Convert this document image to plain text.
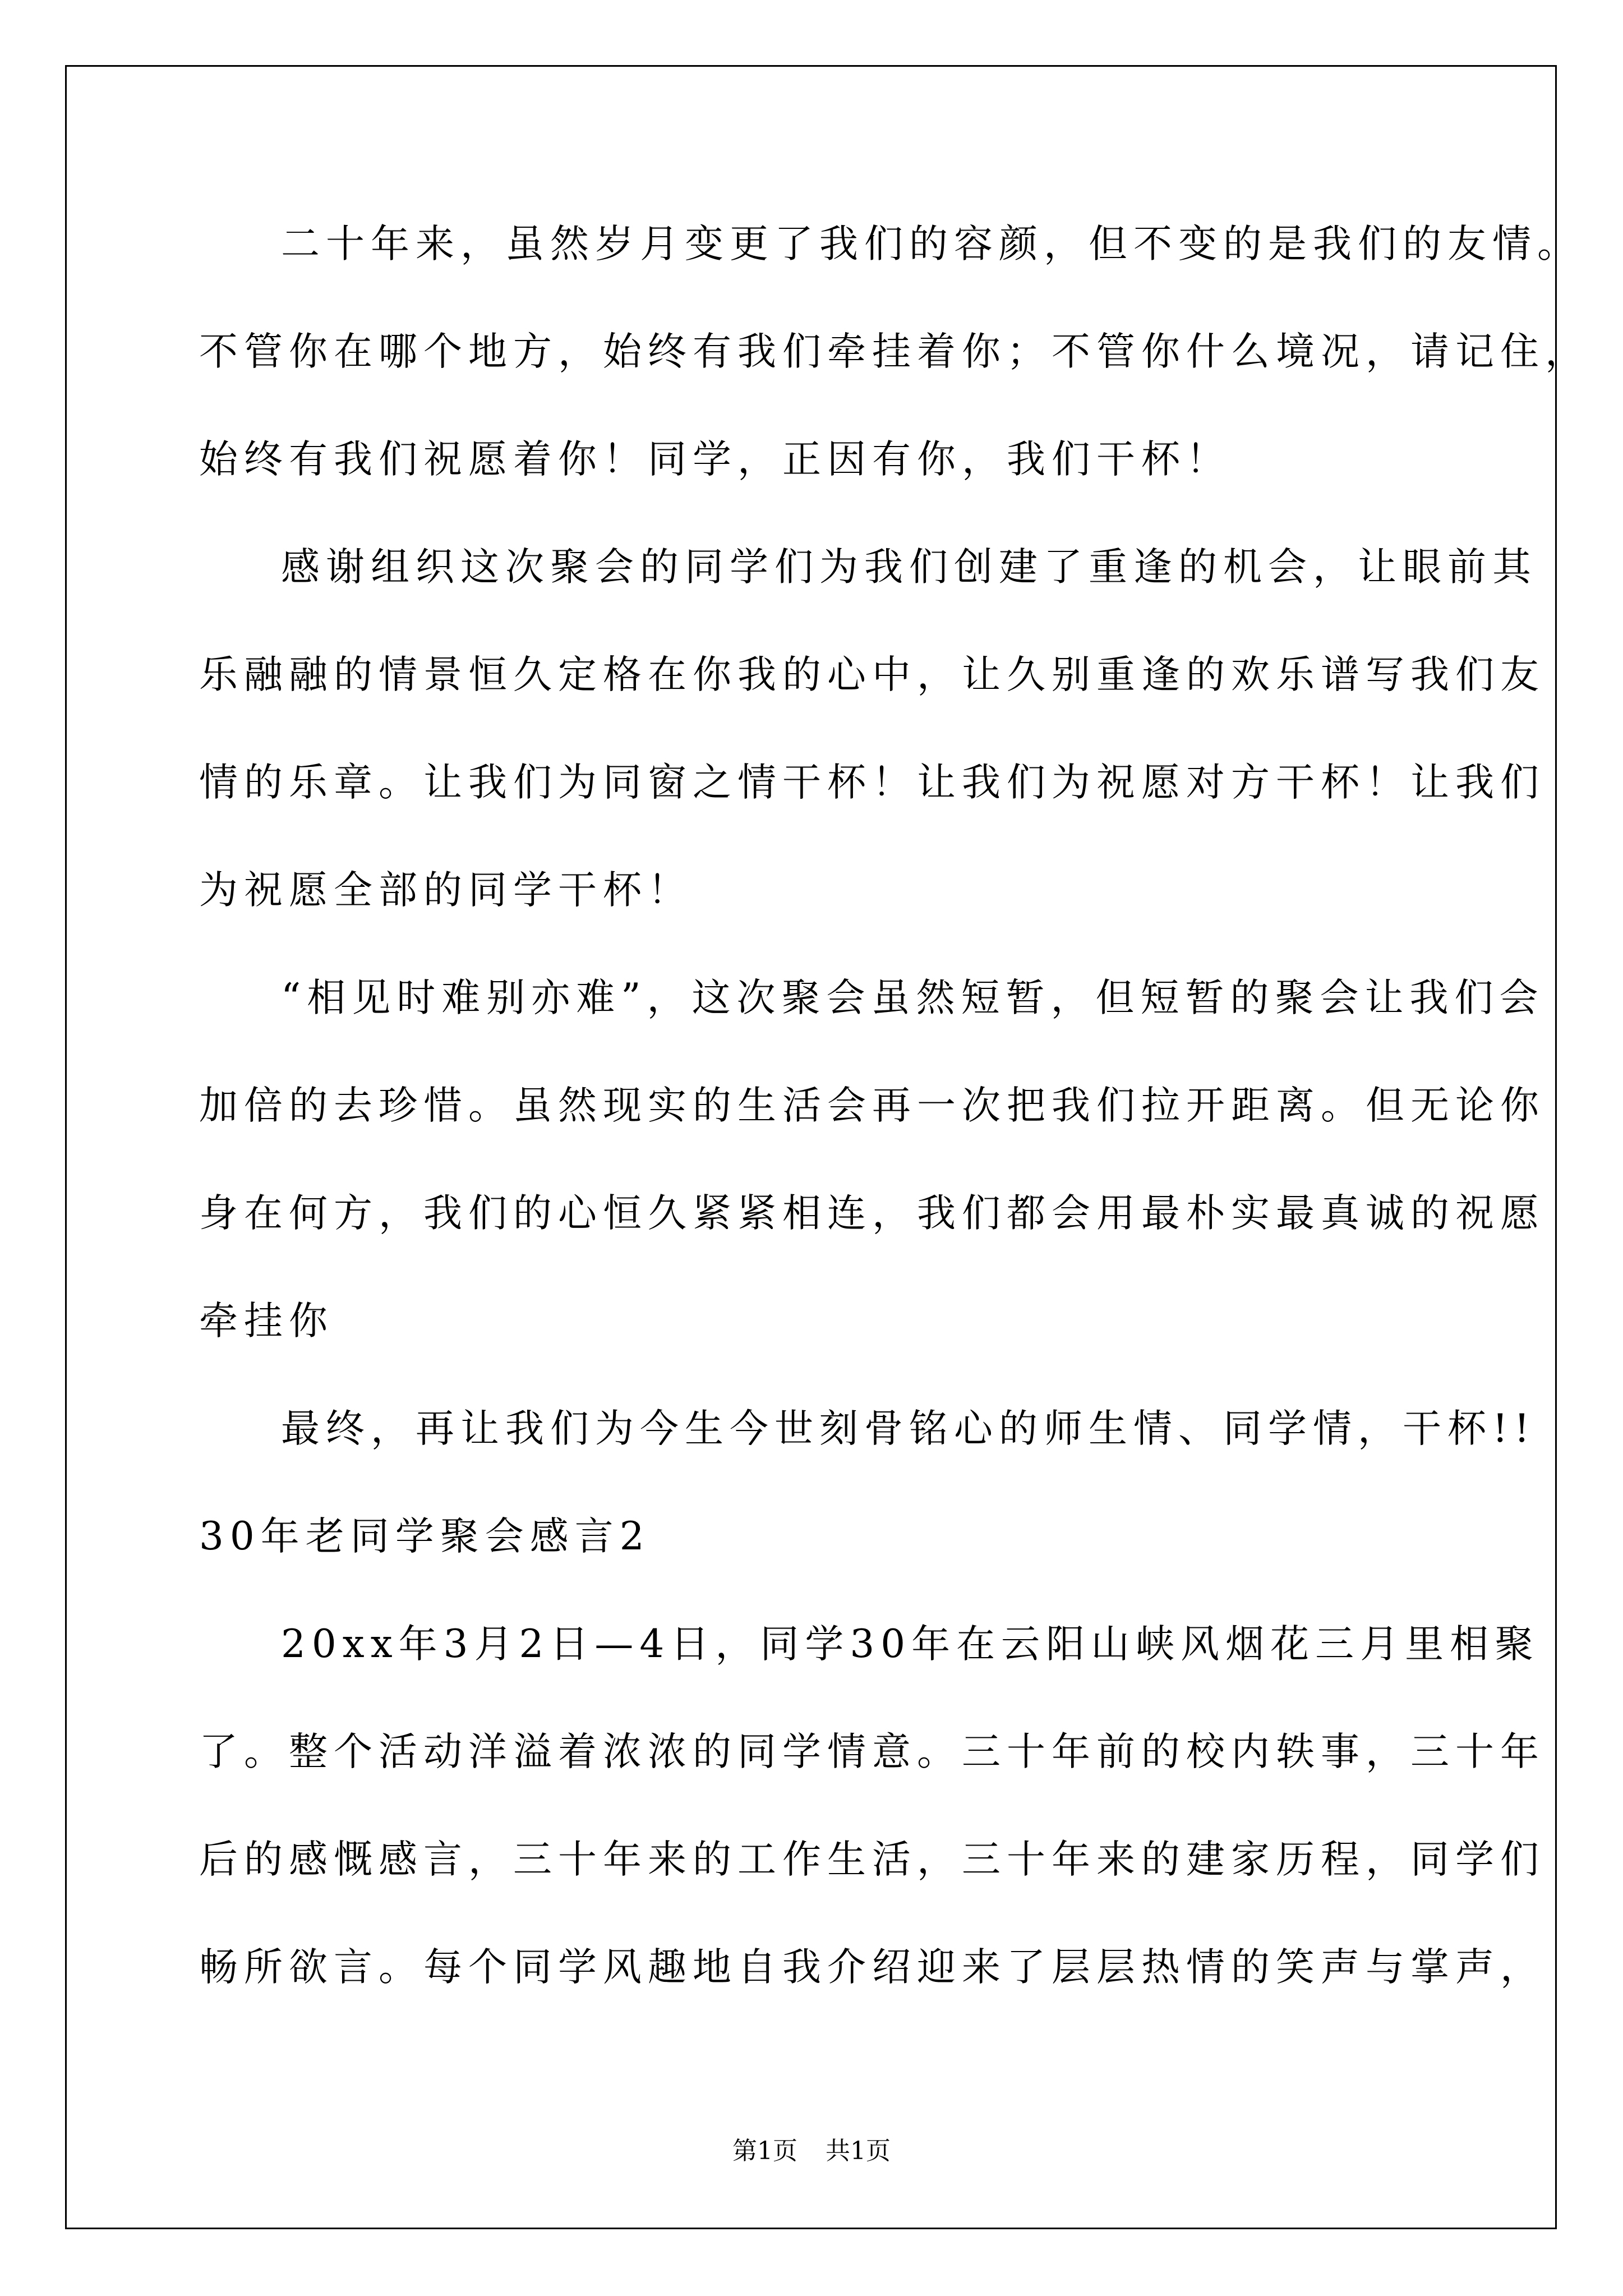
二十年来，虽然岁月变更了我们的容颜，但不变的是我们的友情。
不管你在哪个地方，始终有我们牵挂着你；不管你什么境况，请记住，
始终有我们祝愿着你！同学，正因有你，我们干杯！
感谢组织这次聚会的同学们为我们创建了重逢的机会，让眼前其
乐融融的情景恒久定格在你我的心中，让久别重逢的欢乐谱写我们友
情的乐章。让我们为同窗之情干杯！让我们为祝愿对方干杯！让我们
为祝愿全部的同学干杯！
“相见时难别亦难”，这次聚会虽然短暂，但短暂的聚会让我们会
加倍的去珍惜。虽然现实的生活会再一次把我们拉开距离。但无论你
身在何方，我们的心恒久紧紧相连，我们都会用最朴实最真诚的祝愿
牵挂你
最终，再让我们为今生今世刻骨铭心的师生情、同学情，干杯!!
30年老同学聚会感言2
20xx年3月2日—4日，同学30年在云阳山峡风烟花三月里相聚
了。整个活动洋溢着浓浓的同学情意。三十年前的校内轶事，三十年
后的感慨感言，三十年来的工作生活，三十年来的建家历程，同学们
畅所欲言。每个同学风趣地自我介绍迎来了层层热情的笑声与掌声，
第1页 共1页
